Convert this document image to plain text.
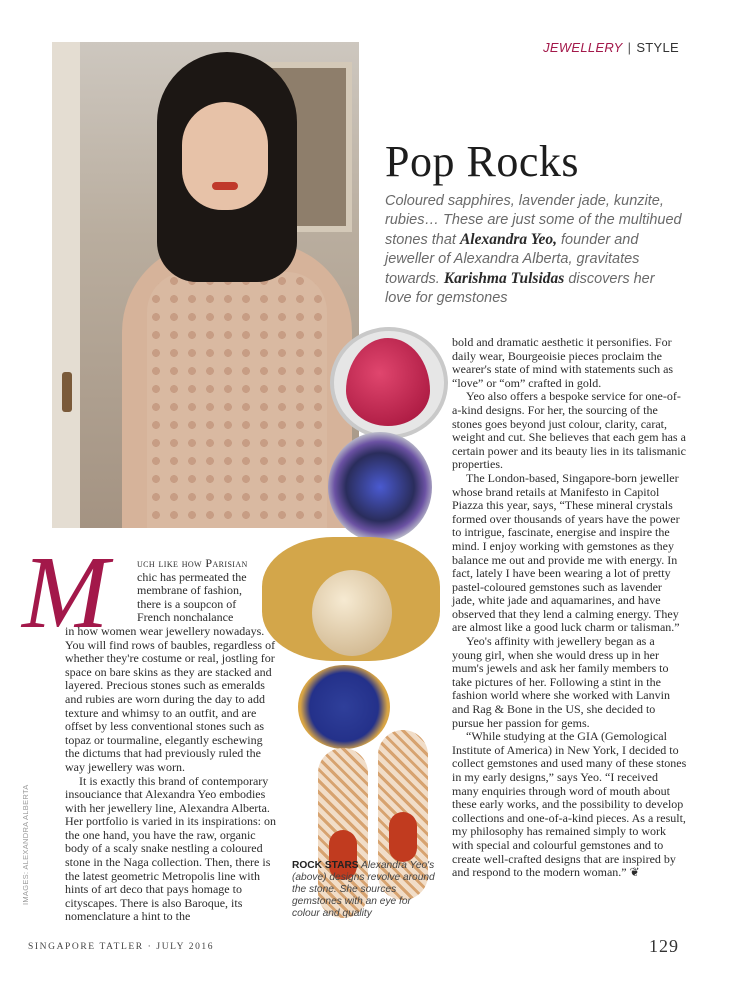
JEWELLERY | STYLE
Pop Rocks
Coloured sapphires, lavender jade, kunzite, rubies… These are just some of the multihued stones that Alexandra Yeo, founder and jeweller of Alexandra Alberta, gravitates towards. Karishma Tulsidas discovers her love for gemstones
M	uch like how Parisian
chic has permeated the
membrane of fashion,
there is a soupcon of
French nonchalance
in how women wear jewellery nowadays. You will find rows of baubles, regardless of whether they're costume or real, jostling for space on bare skins as they are stacked and layered. Precious stones such as emeralds and rubies are worn during the day to add texture and whimsy to an outfit, and are offset by less conventional stones such as topaz or tourmaline, elegantly eschewing the dictums that had previously ruled the way jewellery was worn.

It is exactly this brand of contemporary insouciance that Alexandra Yeo embodies with her jewellery line, Alexandra Alberta. Her portfolio is varied in its inspirations: on the one hand, you have the raw, organic body of a scaly snake nestling a coloured stone in the Naga collection. Then, there is the latest geometric Metropolis line with hints of art deco that pays homage to cityscapes. There is also Baroque, its nomenclature a hint to the

bold and dramatic aesthetic it personifies. For daily wear, Bourgeoisie pieces proclaim the wearer's state of mind with statements such as “love” or “om” crafted in gold.

Yeo also offers a bespoke service for one-of-a-kind designs. For her, the sourcing of the stones goes beyond just colour, clarity, carat, weight and cut. She believes that each gem has a certain power and its beauty lies in its talismanic properties.

The London-based, Singapore-born jeweller whose brand retails at Manifesto in Capitol Piazza this year, says, “These mineral crystals formed over thousands of years have the power to intrigue, fascinate, energise and inspire the mind. I enjoy working with gemstones as they balance me out and provide me with energy. In fact, lately I have been wearing a lot of pretty pastel-coloured gemstones such as lavender jade, white jade and aquamarines, and have observed that they lend a calming energy. They are almost like a good luck charm or talisman.”

Yeo's affinity with jewellery began as a young girl, when she would dress up in her mum's jewels and ask her family members to take pictures of her. Following a stint in the fashion world where she worked with Lanvin and Rag & Bone in the US, she decided to pursue her passion for gems.

“While studying at the GIA (Gemological Institute of America) in New York, I decided to collect gemstones and used many of these stones in my early designs,” says Yeo. “I received many enquiries through word of mouth about these early works, and the possibility to develop collections and one-of-a-kind pieces. As a result, my philosophy has remained simply to work with special and colourful gemstones and to create well-crafted designs that are inspired by and respond to the modern woman.” ❦

IMAGES: ALEXANDRA ALBERTA	ROCK STARS Alexandra Yeo's (above) designs revolve around the stone. She sources gemstones with an eye for colour and quality
SINGAPORE TATLER · JULY 2016	129
